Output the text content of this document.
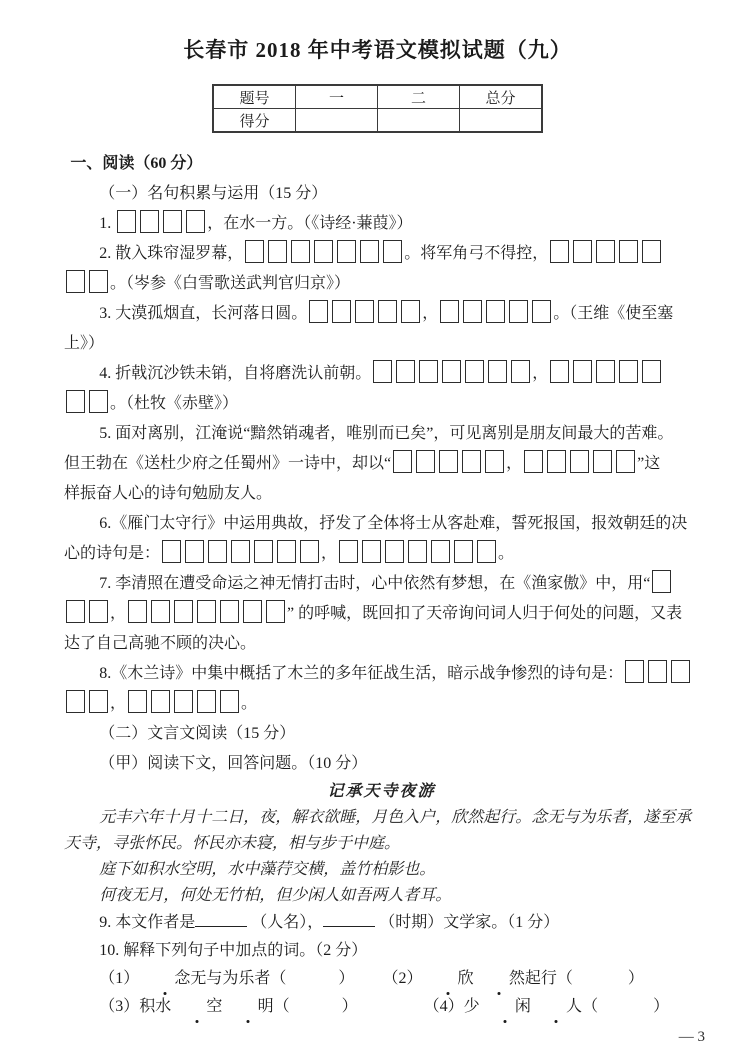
长春市 2018 年中考语文模拟试题（九）
题号	一	二	总分
得分			
一、阅读（60 分）
（一）名句积累与运用（15 分）
1.	，在水一方。（《诗经·蒹葭》）
2. 散入珠帘湿罗幕，	。将军角弓不得控，
。（岑参《白雪歌送武判官归京》）
3. 大漠孤烟直，长河落日圆。	，	。（王维《使至塞
上》）
4. 折戟沉沙铁未销，自将磨洗认前朝。	，
。（杜牧《赤壁》）
5. 面对离别，江淹说“黯然销魂者，唯别而已矣”，可见离别是朋友间最大的苦难。
但王勃在《送杜少府之任蜀州》一诗中，却以“	，	”这
样振奋人心的诗句勉励友人。
6.《雁门太守行》中运用典故，抒发了全体将士从客赴难，誓死报国，报效朝廷的决
心的诗句是：	，	。
7. 李清照在遭受命运之神无情打击时，心中依然有梦想，在《渔家傲》中，用“
，	” 的呼喊，既回扣了天帝询问词人归于何处的问题，又表
达了自己高驰不顾的决心。
8.《木兰诗》中集中概括了木兰的多年征战生活，暗示战争惨烈的诗句是：
，	。
（二）文言文阅读（15 分）
（甲）阅读下文，回答问题。（10 分）
记承天寺夜游
元丰六年十月十二日，夜，解衣欲睡，月色入户，欣然起行。念无与为乐者，遂至承
天寺，寻张怀民。怀民亦未寝，相与步于中庭。
庭下如积水空明，水中藻荇交横，盖竹柏影也。
何夜无月，何处无竹柏，但少闲人如吾两人者耳。
9. 本文作者是	（人名），	（时期）文学家。（1 分）
10. 解释下列句子中加点的词。（2 分）
（1） 念无与为乐者（	） （2） 欣 然起行（	）
（3）积水 空 明（	）	（4）少 闲 人（	）
— 3
